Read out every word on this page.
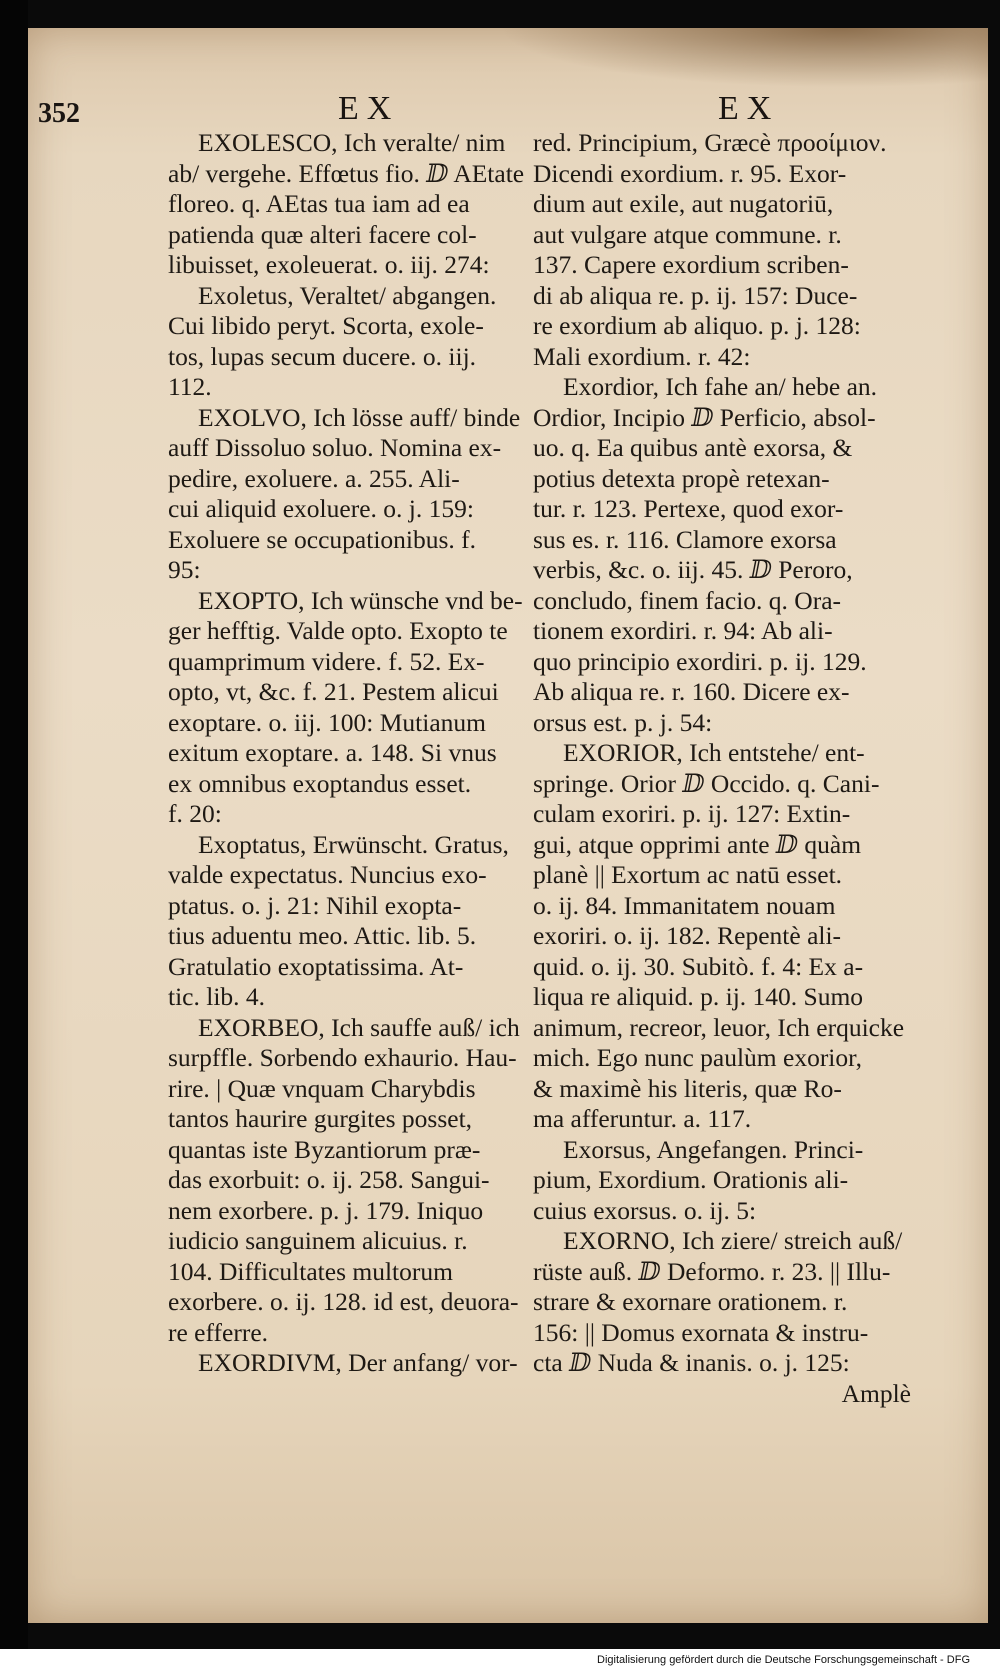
352	EX	EX
EXOLESCO, Ich veralte/ nim
ab/ vergehe. Effœtus fio. ⅅ AEtate
floreo. q. AEtas tua iam ad ea
patienda quæ alteri facere col-
libuisset, exoleuerat. o. iij. 274:
Exoletus, Veraltet/ abgangen.
Cui libido peryt. Scorta, exole-
tos, lupas secum ducere. o. iij.
112.
EXOLVO, Ich lösse auff/ binde
auff Dissoluo soluo. Nomina ex-
pedire, exoluere. a. 255. Ali-
cui aliquid exoluere. o. j. 159:
Exoluere se occupationibus. f.
95:
EXOPTO, Ich wünsche vnd be-
ger hefftig. Valde opto. Exopto te
quamprimum videre. f. 52. Ex-
opto, vt, &c. f. 21. Pestem alicui
exoptare. o. iij. 100: Mutianum
exitum exoptare. a. 148. Si vnus
ex omnibus exoptandus esset.
f. 20:
Exoptatus, Erwünscht. Gratus,
valde expectatus. Nuncius exo-
ptatus. o. j. 21: Nihil exopta-
tius aduentu meo. Attic. lib. 5.
Gratulatio exoptatissima. At-
tic. lib. 4.
EXORBEO, Ich sauffe auß/ ich
surpffle. Sorbendo exhaurio. Hau-
rire. | Quæ vnquam Charybdis
tantos haurire gurgites posset,
quantas iste Byzantiorum præ-
das exorbuit: o. ij. 258. Sangui-
nem exorbere. p. j. 179. Iniquo
iudicio sanguinem alicuius. r.
104. Difficultates multorum
exorbere. o. ij. 128. id est, deuora-
re efferre.
EXORDIVM, Der anfang/ vor-
red. Principium, Græcè προοίμιον.
Dicendi exordium. r. 95. Exor-
dium aut exile, aut nugatoriū,
aut vulgare atque commune. r.
137. Capere exordium scriben-
di ab aliqua re. p. ij. 157: Duce-
re exordium ab aliquo. p. j. 128:
Mali exordium. r. 42:
Exordior, Ich fahe an/ hebe an.
Ordior, Incipio ⅅ Perficio, absol-
uo. q. Ea quibus antè exorsa, &
potius detexta propè retexan-
tur. r. 123. Pertexe, quod exor-
sus es. r. 116. Clamore exorsa
verbis, &c. o. iij. 45. ⅅ Peroro,
concludo, finem facio. q. Ora-
tionem exordiri. r. 94: Ab ali-
quo principio exordiri. p. ij. 129.
Ab aliqua re. r. 160. Dicere ex-
orsus est. p. j. 54:
EXORIOR, Ich entstehe/ ent-
springe. Orior ⅅ Occido. q. Cani-
culam exoriri. p. ij. 127: Extin-
gui, atque opprimi ante ⅅ quàm
planè || Exortum ac natū esset.
o. ij. 84. Immanitatem nouam
exoriri. o. ij. 182. Repentè ali-
quid. o. ij. 30. Subitò. f. 4: Ex a-
liqua re aliquid. p. ij. 140. Sumo
animum, recreor, leuor, Ich erquicke
mich. Ego nunc paulùm exorior,
& maximè his literis, quæ Ro-
ma afferuntur. a. 117.
Exorsus, Angefangen. Princi-
pium, Exordium. Orationis ali-
cuius exorsus. o. ij. 5:
EXORNO, Ich ziere/ streich auß/
rüste auß. ⅅ Deformo. r. 23. || Illu-
strare & exornare orationem. r.
156: || Domus exornata & instru-
cta ⅅ Nuda & inanis. o. j. 125:
Amplè
Digitalisierung gefördert durch die Deutsche Forschungsgemeinschaft - DFG
